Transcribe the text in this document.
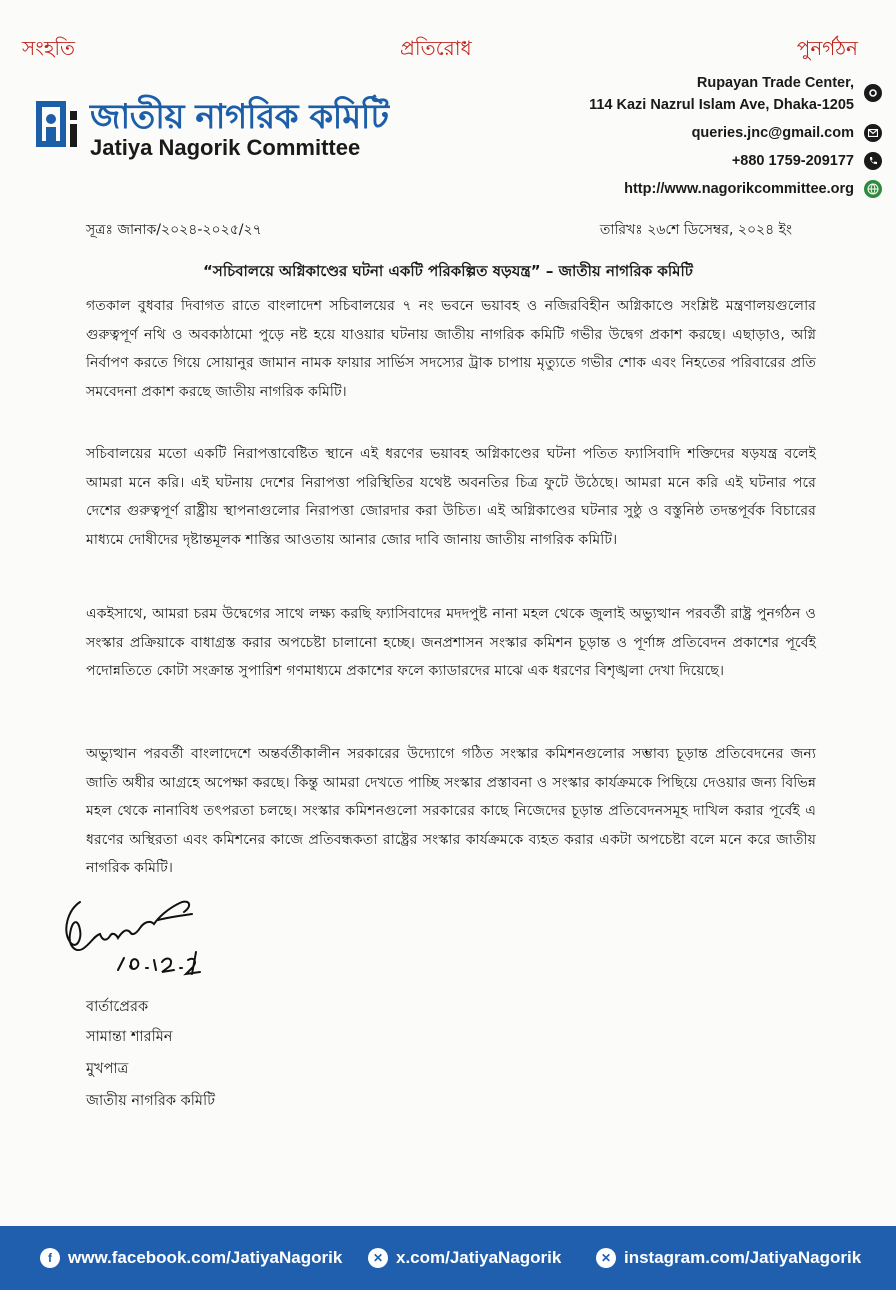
সংহতি	প্রতিরোধ	পুনর্গঠন
জাতীয় নাগরিক কমিটি
Jatiya Nagorik Committee
Rupayan Trade Center,
114 Kazi Nazrul Islam Ave, Dhaka-1205
queries.jnc@gmail.com
+880 1759-209177
http://www.nagorikcommittee.org
সূত্রঃ জানাক/২০২৪-২০২৫/২৭	তারিখঃ ২৬শে ডিসেম্বর, ২০২৪ ইং
“সচিবালয়ে অগ্নিকাণ্ডের ঘটনা একটি পরিকল্পিত ষড়যন্ত্র” – জাতীয় নাগরিক কমিটি

গতকাল বুধবার দিবাগত রাতে বাংলাদেশ সচিবালয়ের ৭ নং ভবনে ভয়াবহ ও নজিরবিহীন অগ্নিকাণ্ডে সংশ্লিষ্ট মন্ত্রণালয়গুলোর গুরুত্বপূর্ণ নথি ও অবকাঠামো পুড়ে নষ্ট হয়ে যাওয়ার ঘটনায় জাতীয় নাগরিক কমিটি গভীর উদ্বেগ প্রকাশ করছে। এছাড়াও, অগ্নি নির্বাপণ করতে গিয়ে সোয়ানুর জামান নামক ফায়ার সার্ভিস সদস্যের ট্রাক চাপায় মৃত্যুতে গভীর শোক এবং নিহতের পরিবারের প্রতি সমবেদনা প্রকাশ করছে জাতীয় নাগরিক কমিটি।

সচিবালয়ের মতো একটি নিরাপত্তাবেষ্টিত স্থানে এই ধরণের ভয়াবহ অগ্নিকাণ্ডের ঘটনা পতিত ফ্যাসিবাদি শক্তিদের ষড়যন্ত্র বলেই আমরা মনে করি। এই ঘটনায় দেশের নিরাপত্তা পরিস্থিতির যথেষ্ট অবনতির চিত্র ফুটে উঠেছে। আমরা মনে করি এই ঘটনার পরে দেশের গুরুত্বপূর্ণ রাষ্ট্রীয় স্থাপনাগুলোর নিরাপত্তা জোরদার করা উচিত। এই অগ্নিকাণ্ডের ঘটনার সুষ্ঠু ও বস্তুনিষ্ঠ তদন্তপূর্বক বিচারের মাধ্যমে দোষীদের দৃষ্টান্তমূলক শাস্তির আওতায় আনার জোর দাবি জানায় জাতীয় নাগরিক কমিটি।

একইসাথে, আমরা চরম উদ্বেগের সাথে লক্ষ্য করছি ফ্যাসিবাদের মদদপুষ্ট নানা মহল থেকে জুলাই অভ্যুত্থান পরবর্তী রাষ্ট্র পুনর্গঠন ও সংস্কার প্রক্রিয়াকে বাধাগ্রস্ত করার অপচেষ্টা চালানো হচ্ছে। জনপ্রশাসন সংস্কার কমিশন চূড়ান্ত ও পূর্ণাঙ্গ প্রতিবেদন প্রকাশের পূর্বেই পদোন্নতিতে কোটা সংক্রান্ত সুপারিশ গণমাধ্যমে প্রকাশের ফলে ক্যাডারদের মাঝে এক ধরণের বিশৃঙ্খলা দেখা দিয়েছে।

অভ্যুত্থান পরবর্তী বাংলাদেশে অন্তর্বর্তীকালীন সরকারের উদ্যোগে গঠিত সংস্কার কমিশনগুলোর সম্ভাব্য চূড়ান্ত প্রতিবেদনের জন্য জাতি অধীর আগ্রহে অপেক্ষা করছে। কিন্তু আমরা দেখতে পাচ্ছি সংস্কার প্রস্তাবনা ও সংস্কার কার্যক্রমকে পিছিয়ে দেওয়ার জন্য বিভিন্ন মহল থেকে নানাবিধ তৎপরতা চলছে। সংস্কার কমিশনগুলো সরকারের কাছে নিজেদের চূড়ান্ত প্রতিবেদনসমূহ দাখিল করার পূর্বেই এ ধরণের অস্থিরতা এবং কমিশনের কাজে প্রতিবন্ধকতা রাষ্ট্রের সংস্কার কার্যক্রমকে ব্যহত করার একটা অপচেষ্টা বলে মনে করে জাতীয় নাগরিক কমিটি।

বার্তাপ্রেরক
সামান্তা শারমিন
মুখপাত্র
জাতীয় নাগরিক কমিটি
f www.facebook.com/JatiyaNagorik	✕ x.com/JatiyaNagorik	✕ instagram.com/JatiyaNagorik
